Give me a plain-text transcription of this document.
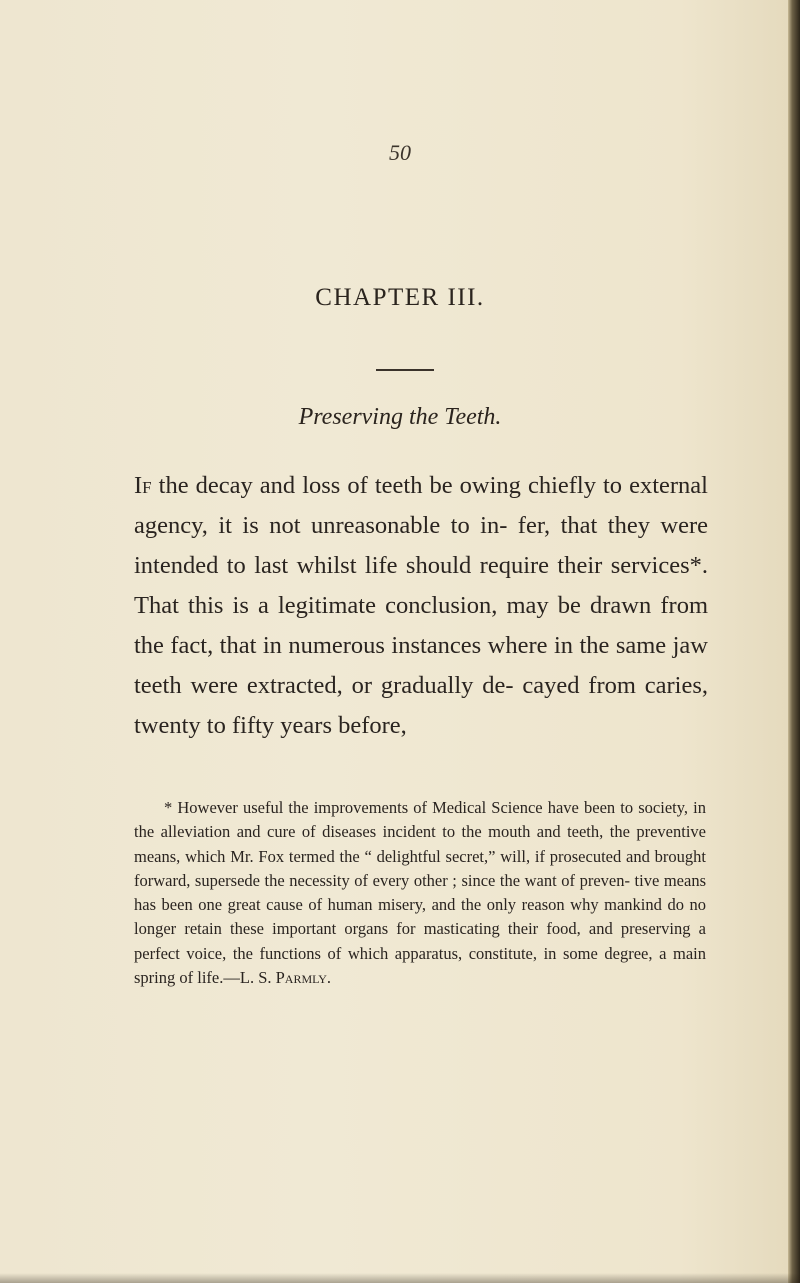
50
CHAPTER III.
Preserving the Teeth.

If the decay and loss of teeth be owing chiefly to external agency, it is not unreasonable to in- fer, that they were intended to last whilst life should require their services*. That this is a legitimate conclusion, may be drawn from the fact, that in numerous instances where in the same jaw teeth were extracted, or gradually de- cayed from caries, twenty to fifty years before,

* However useful the improvements of Medical Science have been to society, in the alleviation and cure of diseases incident to the mouth and teeth, the preventive means, which Mr. Fox termed the “ delightful secret,” will, if prosecuted and brought forward, supersede the necessity of every other ; since the want of preven- tive means has been one great cause of human misery, and the only reason why mankind do no longer retain these important organs for masticating their food, and preserving a perfect voice, the functions of which apparatus, constitute, in some degree, a main spring of life.—L. S. Parmly.
